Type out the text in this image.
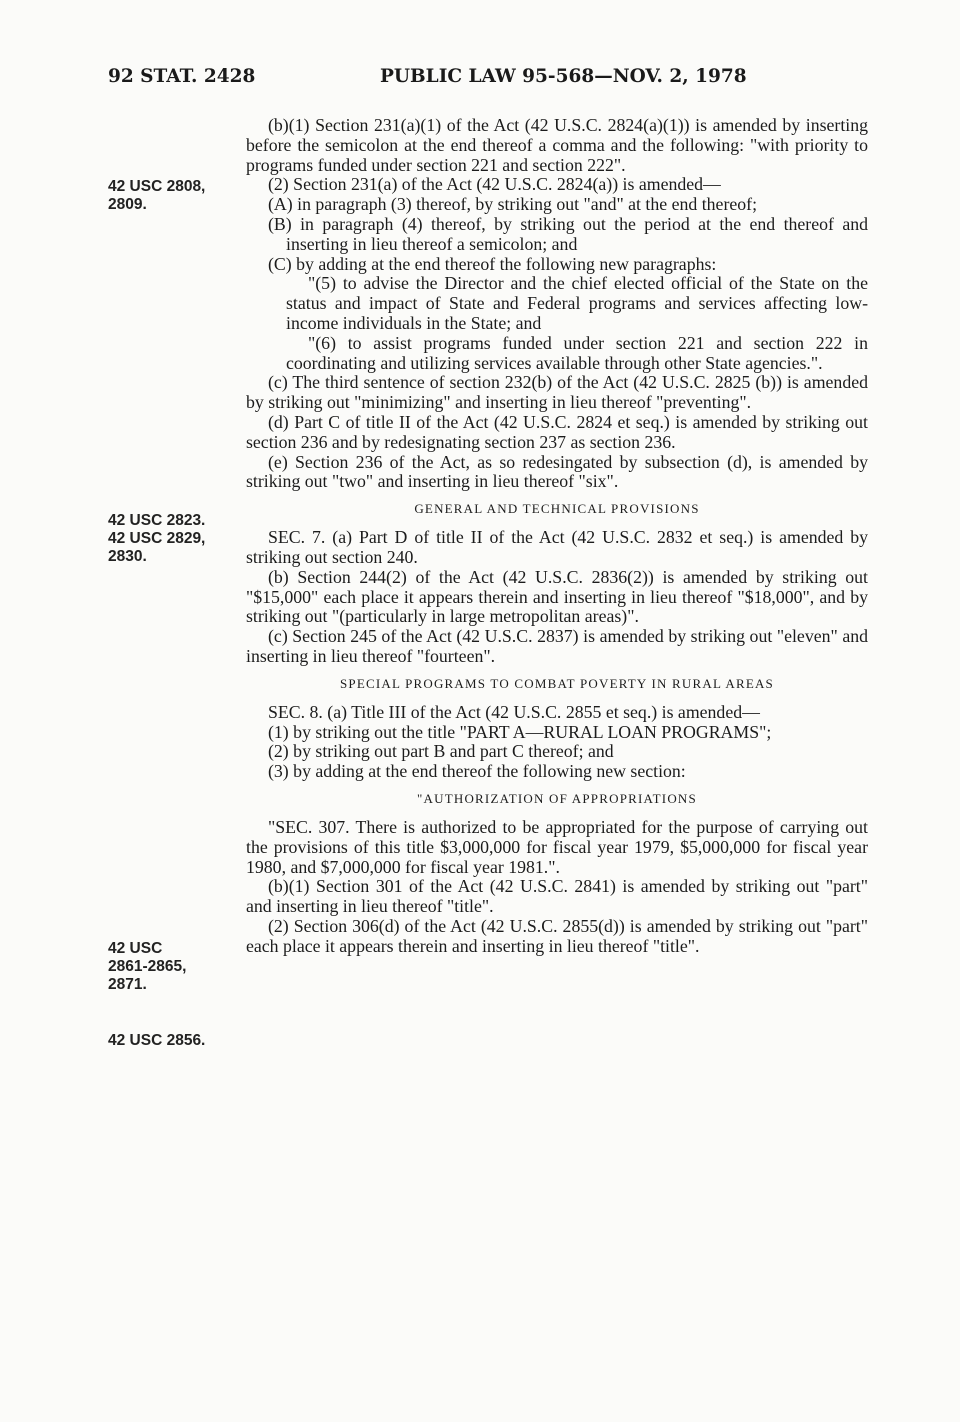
92 STAT. 2428	PUBLIC LAW 95-568—NOV. 2, 1978
42 USC 2808,
2809.
42 USC 2823.
42 USC 2829,
2830.
42 USC
2861-2865,
2871.
42 USC 2856.

(b)(1) Section 231(a)(1) of the Act (42 U.S.C. 2824(a)(1)) is amended by inserting before the semicolon at the end thereof a comma and the following: "with priority to programs funded under section 221 and section 222".

(2) Section 231(a) of the Act (42 U.S.C. 2824(a)) is amended—

(A) in paragraph (3) thereof, by striking out "and" at the end thereof;

(B) in paragraph (4) thereof, by striking out the period at the end thereof and inserting in lieu thereof a semicolon; and

(C) by adding at the end thereof the following new paragraphs:

"(5) to advise the Director and the chief elected official of the State on the status and impact of State and Federal programs and services affecting low-income individuals in the State; and

"(6) to assist programs funded under section 221 and section 222 in coordinating and utilizing services available through other State agencies.".

(c) The third sentence of section 232(b) of the Act (42 U.S.C. 2825 (b)) is amended by striking out "minimizing" and inserting in lieu thereof "preventing".

(d) Part C of title II of the Act (42 U.S.C. 2824 et seq.) is amended by striking out section 236 and by redesignating section 237 as section 236.

(e) Section 236 of the Act, as so redesingated by subsection (d), is amended by striking out "two" and inserting in lieu thereof "six".

GENERAL AND TECHNICAL PROVISIONS

SEC. 7. (a) Part D of title II of the Act (42 U.S.C. 2832 et seq.) is amended by striking out section 240.

(b) Section 244(2) of the Act (42 U.S.C. 2836(2)) is amended by striking out "$15,000" each place it appears therein and inserting in lieu thereof "$18,000", and by striking out "(particularly in large metropolitan areas)".

(c) Section 245 of the Act (42 U.S.C. 2837) is amended by striking out "eleven" and inserting in lieu thereof "fourteen".

SPECIAL PROGRAMS TO COMBAT POVERTY IN RURAL AREAS

SEC. 8. (a) Title III of the Act (42 U.S.C. 2855 et seq.) is amended—

(1) by striking out the title "PART A—RURAL LOAN PROGRAMS";

(2) by striking out part B and part C thereof; and

(3) by adding at the end thereof the following new section:

"AUTHORIZATION OF APPROPRIATIONS

"SEC. 307. There is authorized to be appropriated for the purpose of carrying out the provisions of this title $3,000,000 for fiscal year 1979, $5,000,000 for fiscal year 1980, and $7,000,000 for fiscal year 1981.".

(b)(1) Section 301 of the Act (42 U.S.C. 2841) is amended by striking out "part" and inserting in lieu thereof "title".

(2) Section 306(d) of the Act (42 U.S.C. 2855(d)) is amended by striking out "part" each place it appears therein and inserting in lieu thereof "title".
